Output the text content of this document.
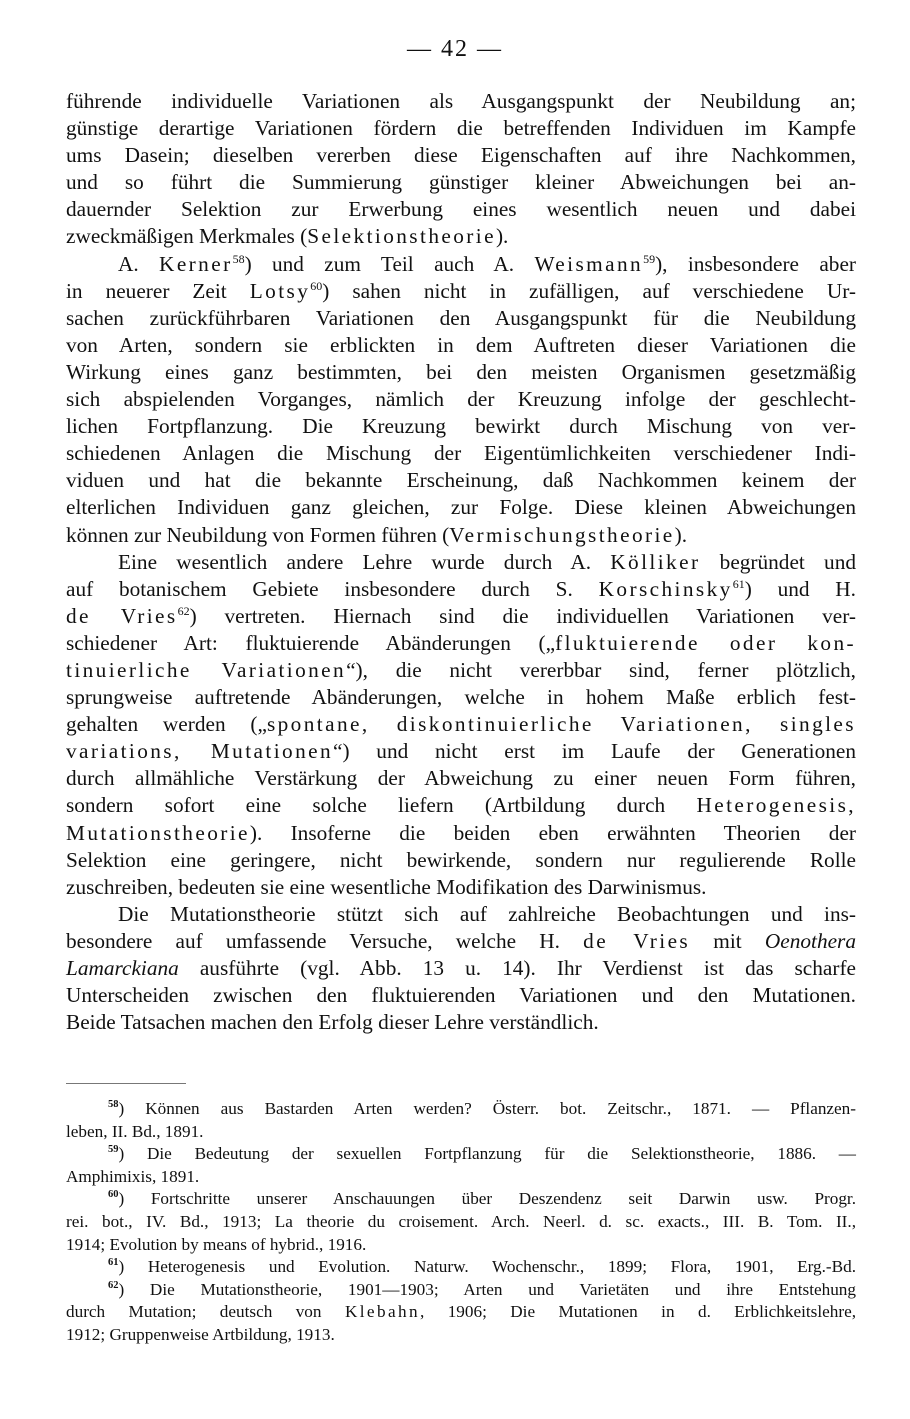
— 42 —
führende individuelle Variationen als Ausgangspunkt der Neubildung an;
günstige derartige Variationen fördern die betreffenden Individuen im Kampfe
ums Dasein; dieselben vererben diese Eigenschaften auf ihre Nachkommen,
und so führt die Summierung günstiger kleiner Abweichungen bei an-
dauernder Selektion zur Erwerbung eines wesentlich neuen und dabei
zweckmäßigen Merkmales (Selektionstheorie).
A. Kerner$^{58}$) und zum Teil auch A. Weismann$^{59}$), insbesondere aber
in neuerer Zeit Lotsy$^{60}$) sahen nicht in zufälligen, auf verschiedene Ur-
sachen zurückführbaren Variationen den Ausgangspunkt für die Neubildung
von Arten, sondern sie erblickten in dem Auftreten dieser Variationen die
Wirkung eines ganz bestimmten, bei den meisten Organismen gesetzmäßig
sich abspielenden Vorganges, nämlich der Kreuzung infolge der geschlecht-
lichen Fortpflanzung. Die Kreuzung bewirkt durch Mischung von ver-
schiedenen Anlagen die Mischung der Eigentümlichkeiten verschiedener Indi-
viduen und hat die bekannte Erscheinung, daß Nachkommen keinem der
elterlichen Individuen ganz gleichen, zur Folge. Diese kleinen Abweichungen
können zur Neubildung von Formen führen (Vermischungstheorie).
Eine wesentlich andere Lehre wurde durch A. Kölliker begründet und
auf botanischem Gebiete insbesondere durch S. Korschinsky$^{61}$) und H.
de Vries$^{62}$) vertreten. Hiernach sind die individuellen Variationen ver-
schiedener Art: fluktuierende Abänderungen („fluktuierende oder kon-
tinuierliche Variationen“), die nicht vererbbar sind, ferner plötzlich,
sprungweise auftretende Abänderungen, welche in hohem Maße erblich fest-
gehalten werden („spontane, diskontinuierliche Variationen, singles
variations, Mutationen“) und nicht erst im Laufe der Generationen
durch allmähliche Verstärkung der Abweichung zu einer neuen Form führen,
sondern sofort eine solche liefern (Artbildung durch Heterogenesis,
Mutationstheorie). Insoferne die beiden eben erwähnten Theorien der
Selektion eine geringere, nicht bewirkende, sondern nur regulierende Rolle
zuschreiben, bedeuten sie eine wesentliche Modifikation des Darwinismus.
Die Mutationstheorie stützt sich auf zahlreiche Beobachtungen und ins-
besondere auf umfassende Versuche, welche H. de Vries mit Oenothera
Lamarckiana ausführte (vgl. Abb. 13 u. 14). Ihr Verdienst ist das scharfe
Unterscheiden zwischen den fluktuierenden Variationen und den Mutationen.
Beide Tatsachen machen den Erfolg dieser Lehre verständlich.
$^{58}$) Können aus Bastarden Arten werden? Österr. bot. Zeitschr., 1871. — Pflanzen-
leben, II. Bd., 1891.
$^{59}$) Die Bedeutung der sexuellen Fortpflanzung für die Selektionstheorie, 1886. —
Amphimixis, 1891.
$^{60}$) Fortschritte unserer Anschauungen über Deszendenz seit Darwin usw. Progr.
rei. bot., IV. Bd., 1913; La theorie du croisement. Arch. Neerl. d. sc. exacts., III. B. Tom. II.,
1914; Evolution by means of hybrid., 1916.
$^{61}$) Heterogenesis und Evolution. Naturw. Wochenschr., 1899; Flora, 1901, Erg.-Bd.
$^{62}$) Die Mutationstheorie, 1901—1903; Arten und Varietäten und ihre Entstehung
durch Mutation; deutsch von Klebahn, 1906; Die Mutationen in d. Erblichkeitslehre,
1912; Gruppenweise Artbildung, 1913.
